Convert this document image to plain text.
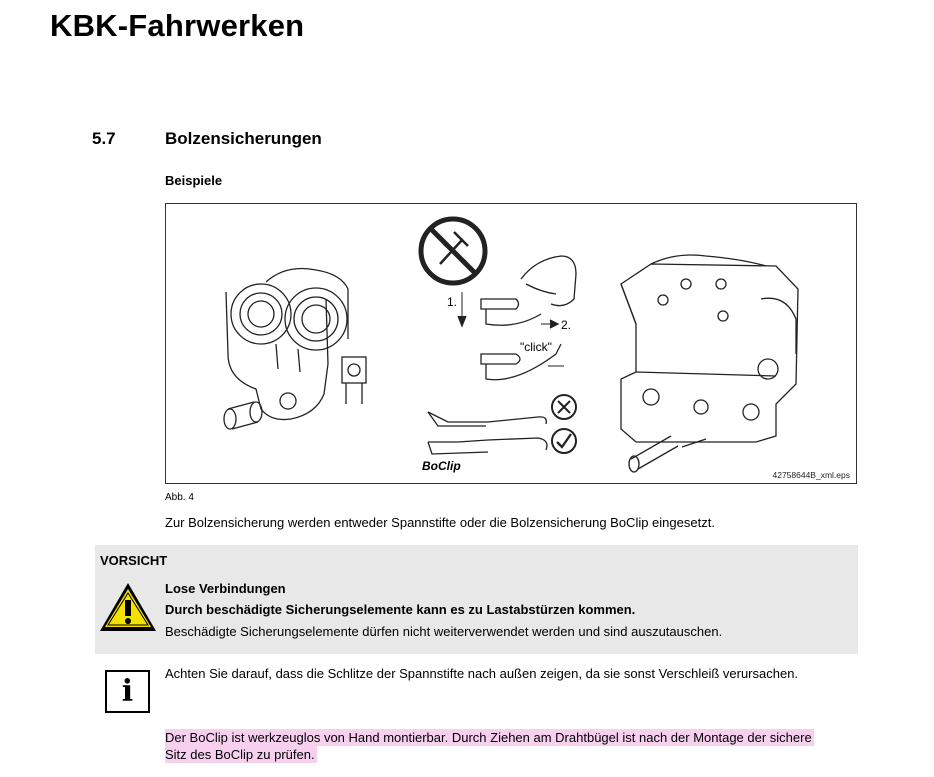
KBK-Fahrwerken
5.7	Bolzensicherungen
Beispiele
1.
2.
"click"
BoClip
42758644B_xml.eps
Abb. 4
Zur Bolzensicherung werden entweder Spannstifte oder die Bolzensicherung BoClip eingesetzt.
VORSICHT
Lose Verbindungen
Durch beschädigte Sicherungselemente kann es zu Lastabstürzen kommen.
Beschädigte Sicherungselemente dürfen nicht weiterverwendet werden und sind auszutauschen.
i
Achten Sie darauf, dass die Schlitze der Spannstifte nach außen zeigen, da sie sonst Verschleiß verursachen.
Der BoClip ist werkzeuglos von Hand montierbar. Durch Ziehen am Drahtbügel ist nach der Montage der sichere
Sitz des BoClip zu prüfen.
